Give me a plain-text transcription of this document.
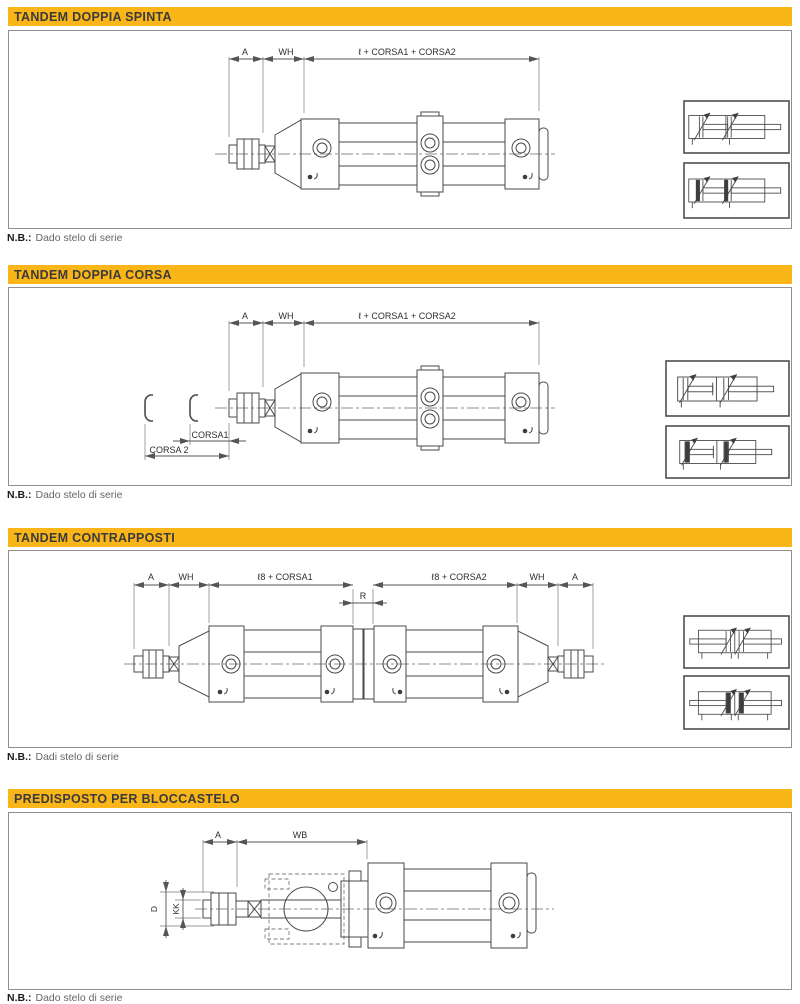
TANDEM DOPPIA SPINTA
A	WH	ℓ + CORSA1 + CORSA2
N.B.: Dado stelo di serie
TANDEM DOPPIA CORSA
A	WH	ℓ + CORSA1 + CORSA2
CORSA1
CORSA 2
N.B.: Dado stelo di serie
TANDEM CONTRAPPOSTI
A	WH	ℓ8 + CORSA1
R
ℓ8 + CORSA2	WH	A
N.B.: Dadi stelo di serie
PREDISPOSTO PER BLOCCASTELO
A	WB
D KK
N.B.: Dado stelo di serie
